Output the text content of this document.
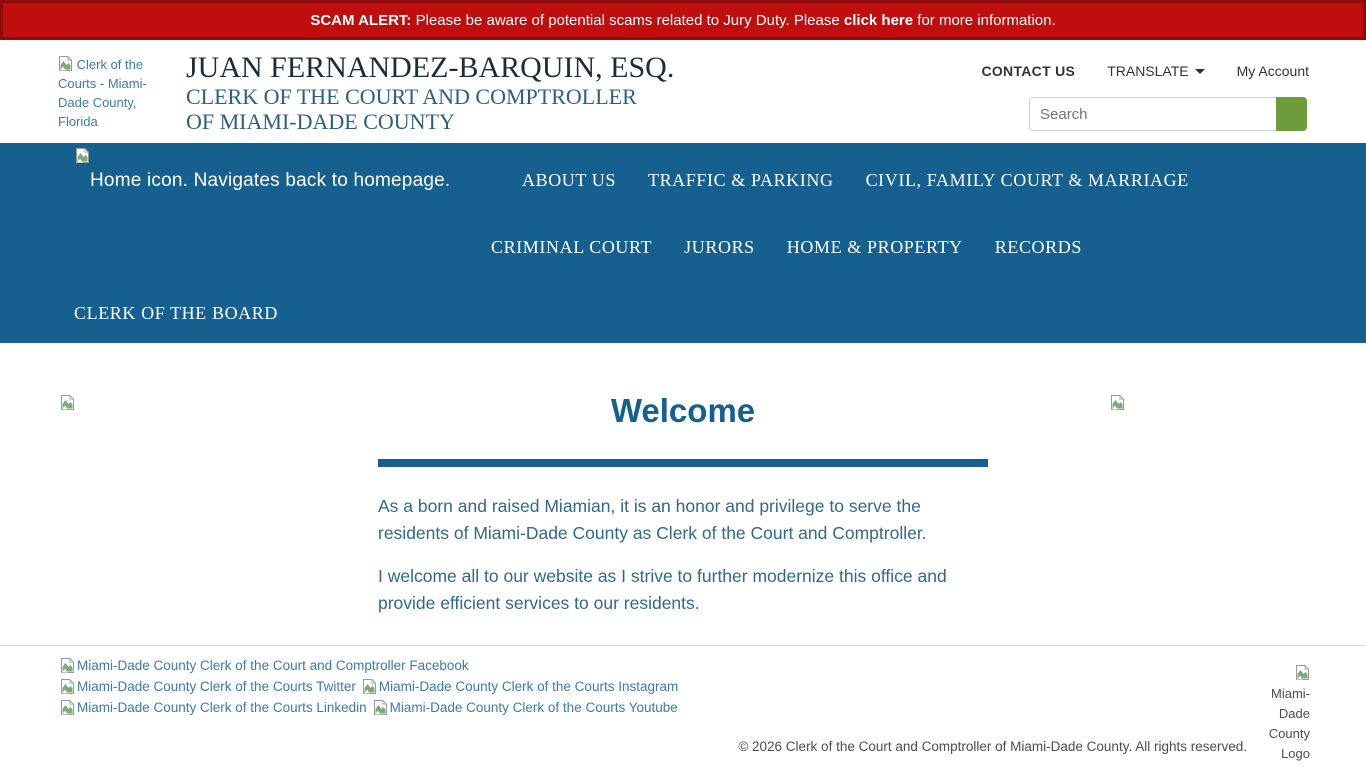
SCAM ALERT: Please be aware of potential scams related to Jury Duty. Please click here for more information.
Clerk of the Courts - Miami-Dade County, Florida
JUAN FERNANDEZ-BARQUIN, ESQ.
CLERK OF THE COURT AND COMPTROLLER
OF MIAMI-DADE COUNTY
CONTACT US TRANSLATE	My Account
Search
Home icon. Navigates back to homepage.	ABOUT US TRAFFIC & PARKING CIVIL, FAMILY COURT & MARRIAGE
CRIMINAL COURT JURORS HOME & PROPERTY RECORDS
CLERK OF THE BOARD
Welcome

As a born and raised Miamian, it is an honor and privilege to serve the residents of Miami-Dade County as Clerk of the Court and Comptroller.

I welcome all to our website as I strive to further modernize this office and provide efficient services to our residents.

Miami-Dade County Clerk of the Court and Comptroller Facebook
Miami-Dade County Clerk of the Courts Twitter Miami-Dade County Clerk of the Courts Instagram
Miami-Dade County Clerk of the Courts Linkedin Miami-Dade County Clerk of the Courts Youtube
Miami-Dade County Logo
© 2026 Clerk of the Court and Comptroller of Miami-Dade County. All rights reserved.
